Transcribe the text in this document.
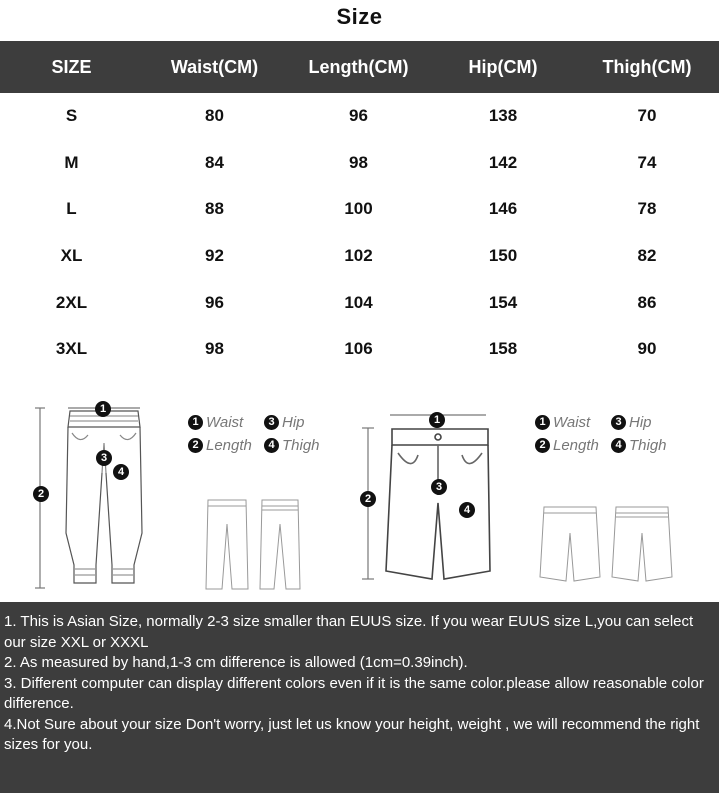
Size
SIZE	Waist(CM)	Length(CM)	Hip(CM)	Thigh(CM)
S	80	96	138	70
M	84	98	142	74
L	88	100	146	78
XL	92	102	150	82
2XL	96	104	154	86
3XL	98	106	158	90
1
2
3
4
1 Waist	3 Hip
2 Length	4 Thigh
1
2
3
4
1 Waist	3 Hip
2 Length	4 Thigh

1. This is Asian Size, normally 2-3 size smaller than EUUS size. If you wear EUUS size L,you can select our size XXL or XXXL

2. As measured by hand,1-3 cm difference is allowed (1cm=0.39inch).

3. Different computer can display different colors even if it is the same color.please allow reasonable color difference.

4.Not Sure about your size Don't worry, just let us know your height, weight , we will recommend the right sizes for you.
